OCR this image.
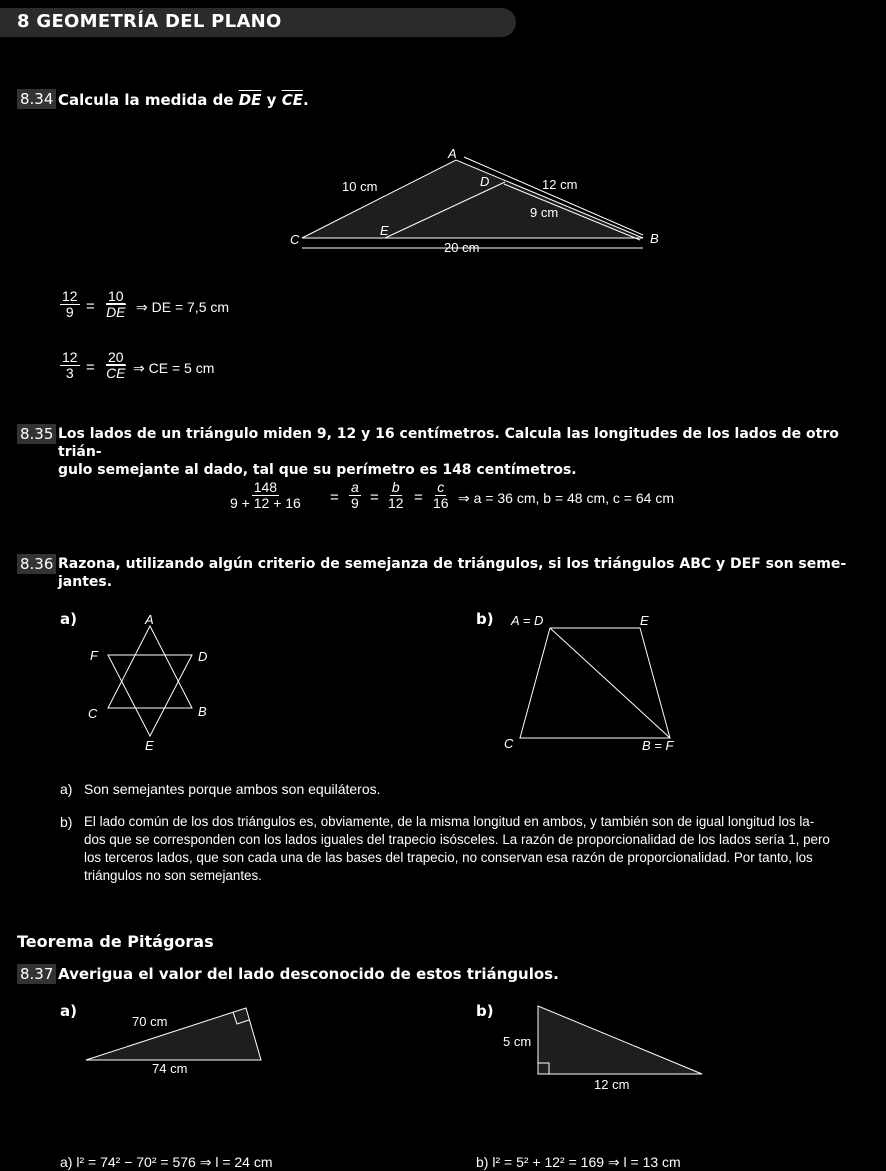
8 GEOMETRÍA DEL PLANO
8.34 Calcula la medida de $\overline{DE}$ y $\overline{CE}$.
A
D
E
C	B
10 cm	12 cm
9 cm
20 cm
$\frac{12}{9} = \frac{10}{DE}$ ⇒ DE = 7,5 cm
$\frac{12}{3} = \frac{20}{CE}$ ⇒ CE = 5 cm
8.35 Los lados de un triángulo miden 9, 12 y 16 centímetros. Calcula las longitudes de los lados de otro trián-
gulo semejante al dado, tal que su perímetro es 148 centímetros.
$\frac{148}{9 + 12 + 16} = \frac{a}{9} = \frac{b}{12} = \frac{c}{16}$ ⇒ a = 36 cm, b = 48 cm, c = 64 cm
8.36 Razona, utilizando algún criterio de semejanza de triángulos, si los triángulos ABC y DEF son seme-
jantes.
a)	A
F	D
C	B
E
b) A = D	E
C	B = F
a) Son semejantes porque ambos son equiláteros.
b) El lado común de los dos triángulos es, obviamente, de la misma longitud en ambos, y también son de igual longitud los la-
dos que se corresponden con los lados iguales del trapecio isósceles. La razón de proporcionalidad de los lados sería 1, pero
los terceros lados, que son cada una de las bases del trapecio, no conservan esa razón de proporcionalidad. Por tanto, los
triángulos no son semejantes.
Teorema de Pitágoras
8.37 Averigua el valor del lado desconocido de estos triángulos.
a)
70 cm
74 cm
b)
5 cm
12 cm
a) l² = 74² − 70² = 576 ⇒ l = 24 cm	b) l² = 5² + 12² = 169 ⇒ l = 13 cm
